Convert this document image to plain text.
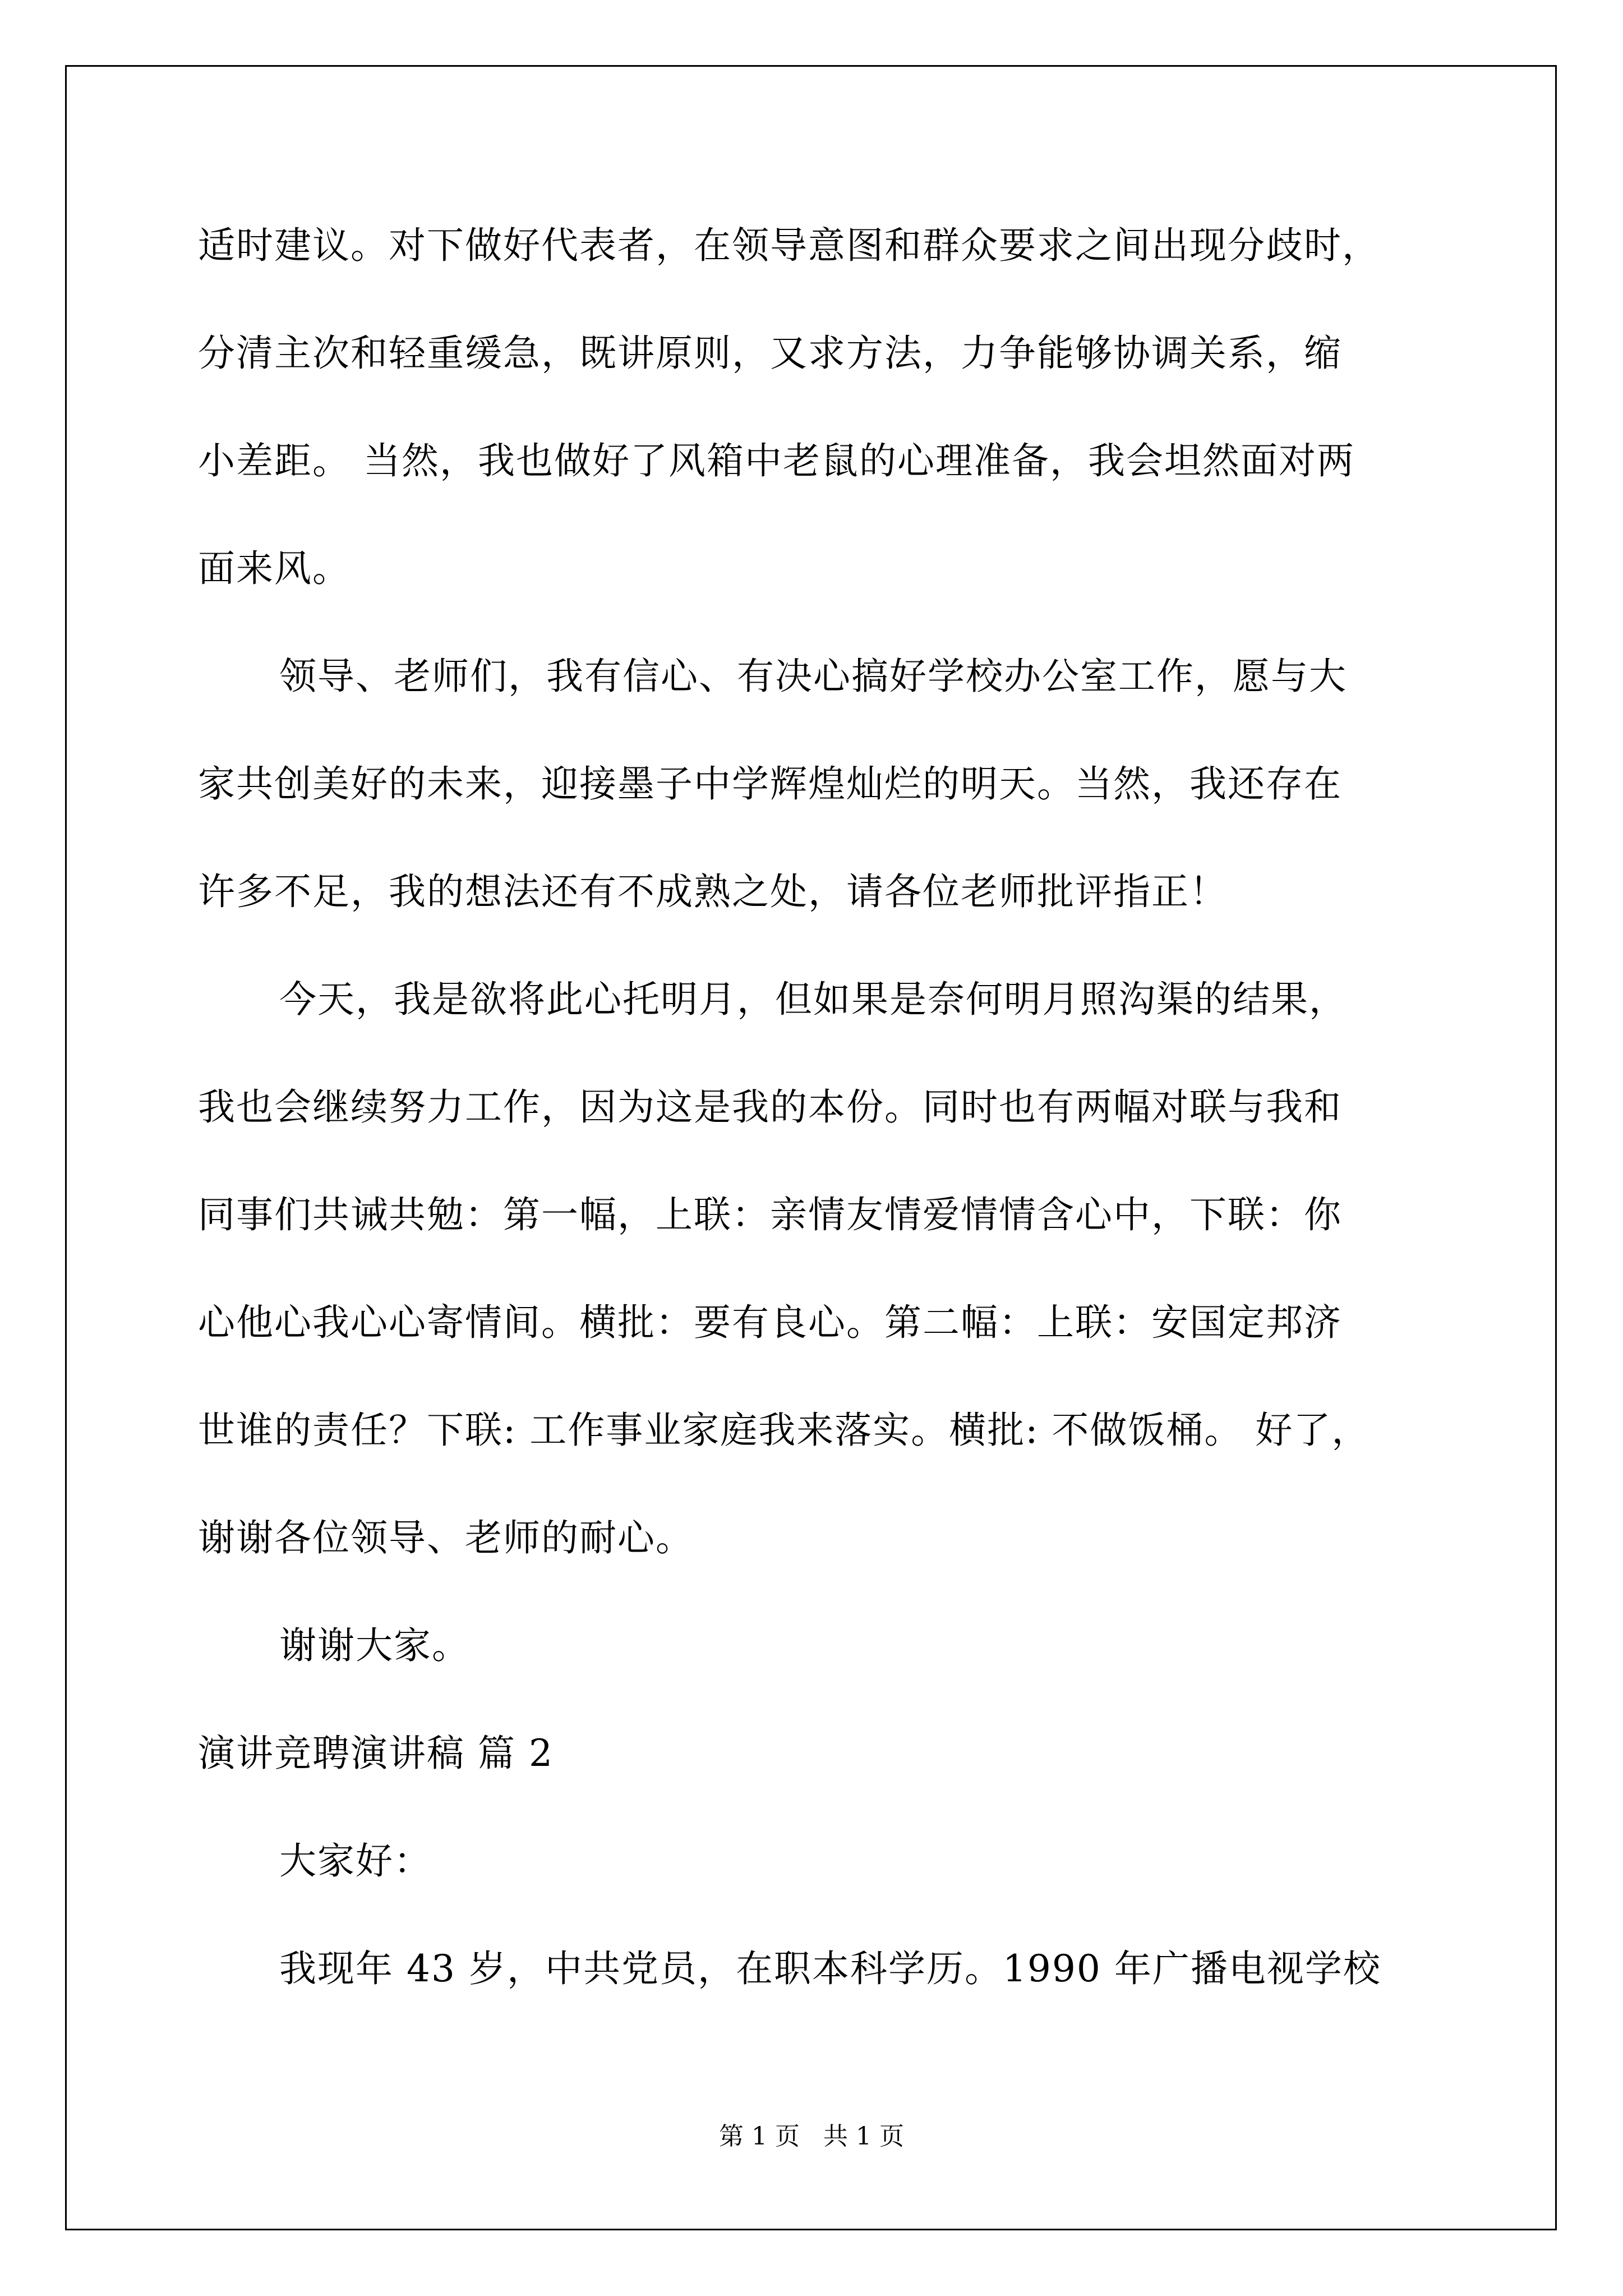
适时建议。对下做好代表者，在领导意图和群众要求之间出现分歧时，
分清主次和轻重缓急，既讲原则，又求方法，力争能够协调关系，缩
小差距。 当然，我也做好了风箱中老鼠的心理准备，我会坦然面对两
面来风。
领导、老师们，我有信心、有决心搞好学校办公室工作，愿与大
家共创美好的未来，迎接墨子中学辉煌灿烂的明天。当然，我还存在
许多不足，我的想法还有不成熟之处，请各位老师批评指正！
今天，我是欲将此心托明月，但如果是奈何明月照沟渠的结果，
我也会继续努力工作，因为这是我的本份。同时也有两幅对联与我和
同事们共诫共勉：第一幅，上联：亲情友情爱情情含心中，下联：你
心他心我心心寄情间。横批：要有良心。第二幅：上联：安国定邦济
世谁的责任？下联: 工作事业家庭我来落实。横批: 不做饭桶。 好了，
谢谢各位领导、老师的耐心。
谢谢大家。
演讲竞聘演讲稿 篇 2
大家好：
我现年 43 岁，中共党员，在职本科学历。1990 年广播电视学校
第 1 页   共 1 页
